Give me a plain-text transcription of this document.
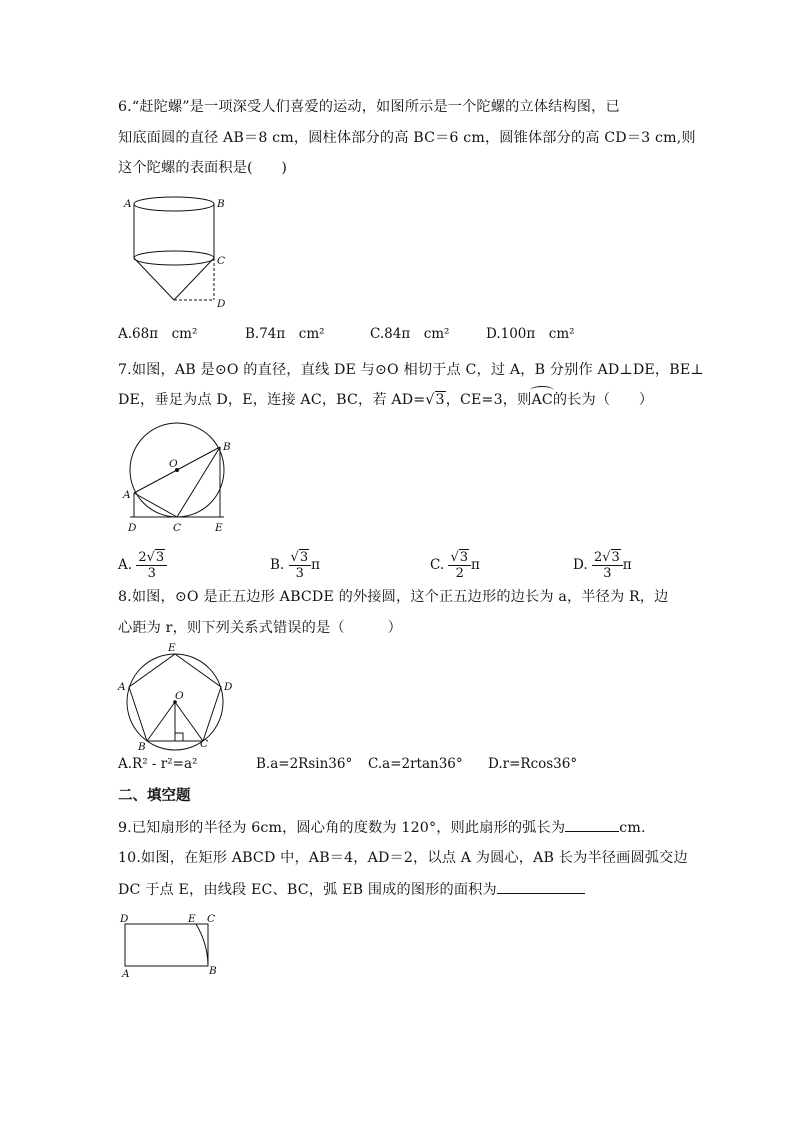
6.“赶陀螺”是一项深受人们喜爱的运动，如图所示是一个陀螺的立体结构图，已
知底面圆的直径 AB＝8 cm，圆柱体部分的高 BC＝6 cm，圆锥体部分的高 CD＝3 cm,则
这个陀螺的表面积是(　　)
A	B
C
D
A.68π　cm²	B.74π　cm²	C.84π　cm²	D.100π　cm²
7.如图，AB 是⊙O 的直径，直线 DE 与⊙O 相切于点 C，过 A，B 分别作 AD⊥DE，BE⊥
DE，垂足为点 D，E，连接 AC，BC，若 AD=√3，CE=3，则AC的长为（　　）
O
A
B
C
D	E
A. $\frac{2√3}{3}$	B. $\frac{√3}{3}$ π	C. $\frac{√3}{2}$ π	D. $\frac{2√3}{3}$ π
8.如图，⊙O 是正五边形 ABCDE 的外接圆，这个正五边形的边长为 a，半径为 R，边
心距为 r，则下列关系式错误的是（　　　）
E
A	D
O
B	C
A.R² - r²=a²	B.a=2Rsin36° C.a=2rtan36° D.r=Rcos36°
二、填空题
9.已知扇形的半径为 6cm，圆心角的度数为 120°，则此扇形的弧长为	cm.
10.如图，在矩形 ABCD 中，AB＝4，AD＝2，以点 A 为圆心，AB 长为半径画圆弧交边
DC 于点 E，由线段 EC、BC，弧 EB 围成的图形的面积为
D	E C
A	B
